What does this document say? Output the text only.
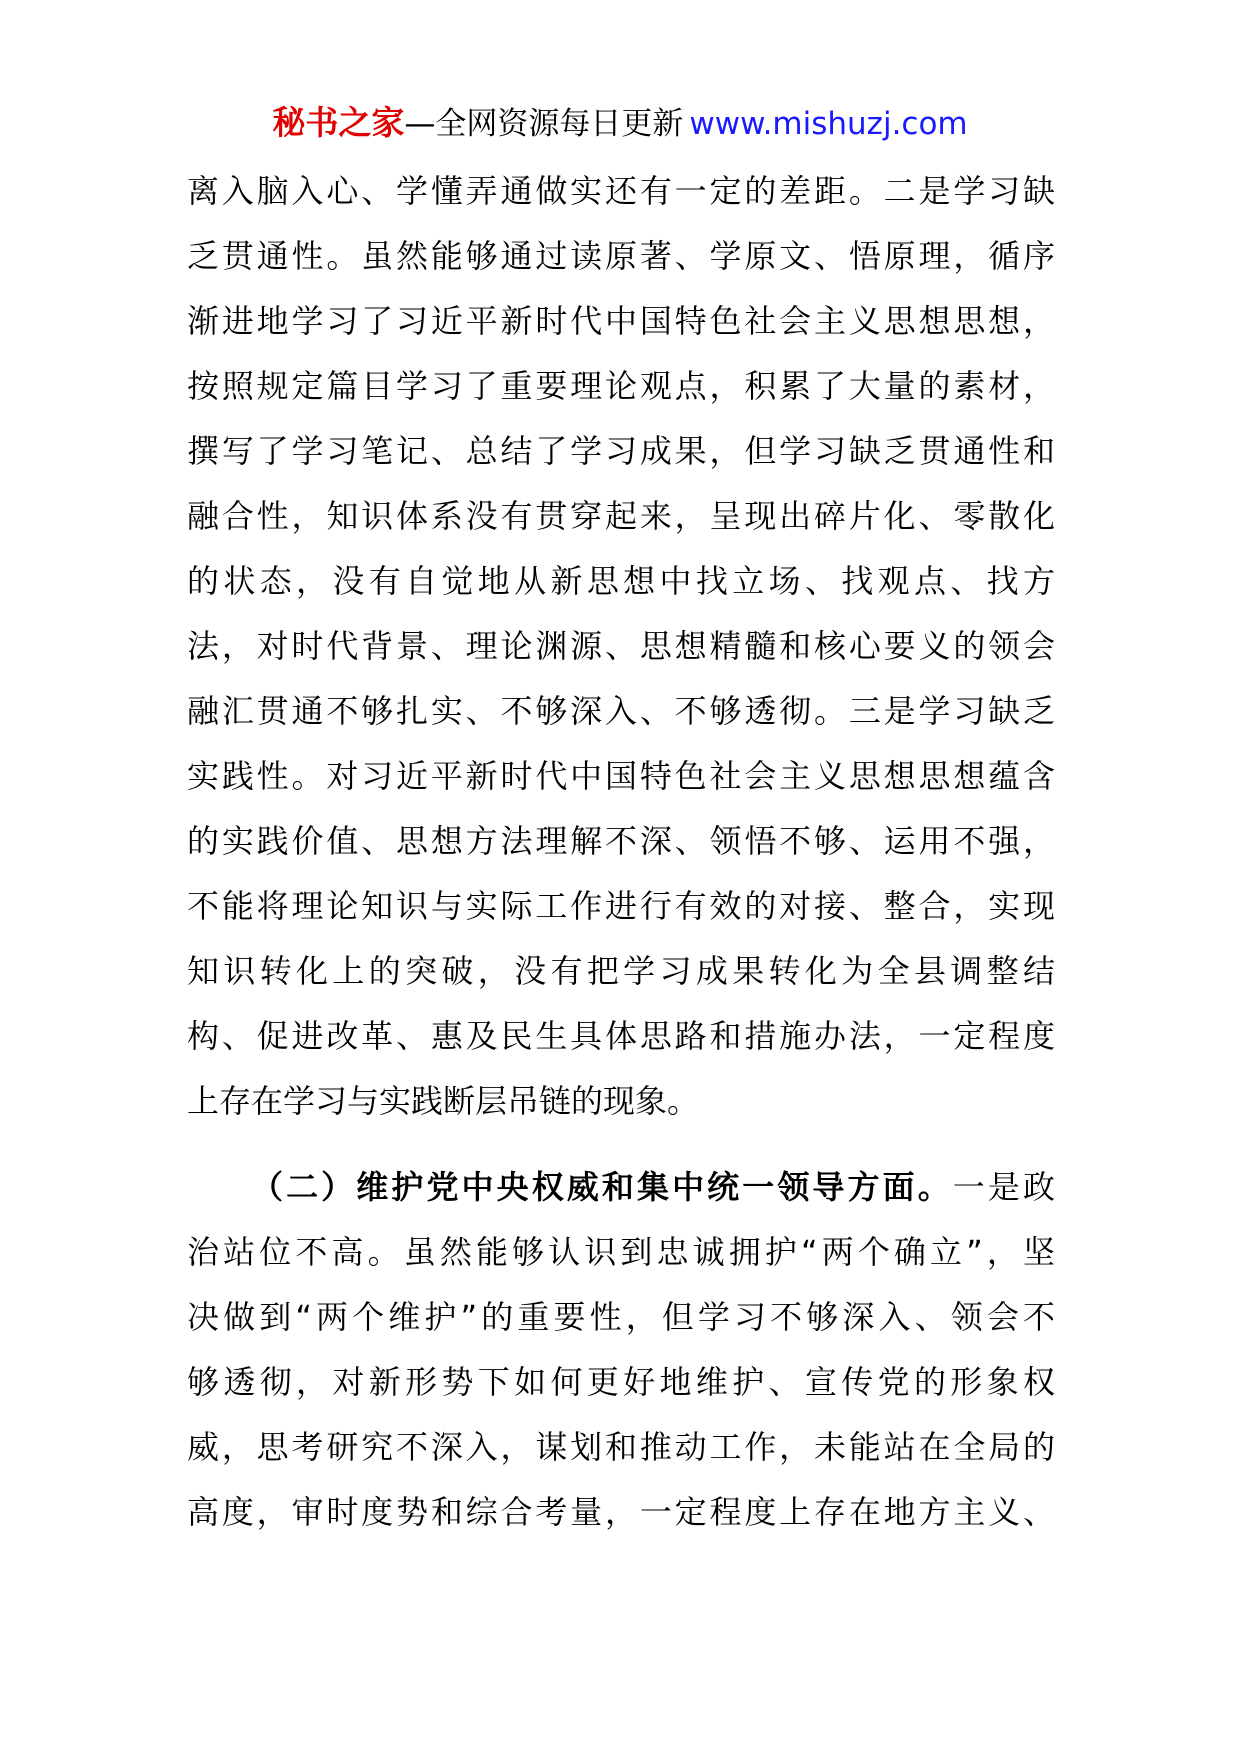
秘书之家—全网资源每日更新 www.mishuzj.com

离入脑入心、学懂弄通做实还有一定的差距。二是学习缺
乏贯通性。虽然能够通过读原著、学原文、悟原理，循序
渐进地学习了习近平新时代中国特色社会主义思想思想，
按照规定篇目学习了重要理论观点，积累了大量的素材，
撰写了学习笔记、总结了学习成果，但学习缺乏贯通性和
融合性，知识体系没有贯穿起来，呈现出碎片化、零散化
的状态，没有自觉地从新思想中找立场、找观点、找方
法，对时代背景、理论渊源、思想精髓和核心要义的领会
融汇贯通不够扎实、不够深入、不够透彻。三是学习缺乏
实践性。对习近平新时代中国特色社会主义思想思想蕴含
的实践价值、思想方法理解不深、领悟不够、运用不强，
不能将理论知识与实际工作进行有效的对接、整合，实现
知识转化上的突破，没有把学习成果转化为全县调整结
构、促进改革、惠及民生具体思路和措施办法，一定程度
上存在学习与实践断层吊链的现象。

（二）维护党中央权威和集中统一领导方面。一是政
治站位不高。虽然能够认识到忠诚拥护“两个确立”，坚
决做到“两个维护”的重要性，但学习不够深入、领会不
够透彻，对新形势下如何更好地维护、宣传党的形象权
威，思考研究不深入，谋划和推动工作，未能站在全局的
高度，审时度势和综合考量，一定程度上存在地方主义、
